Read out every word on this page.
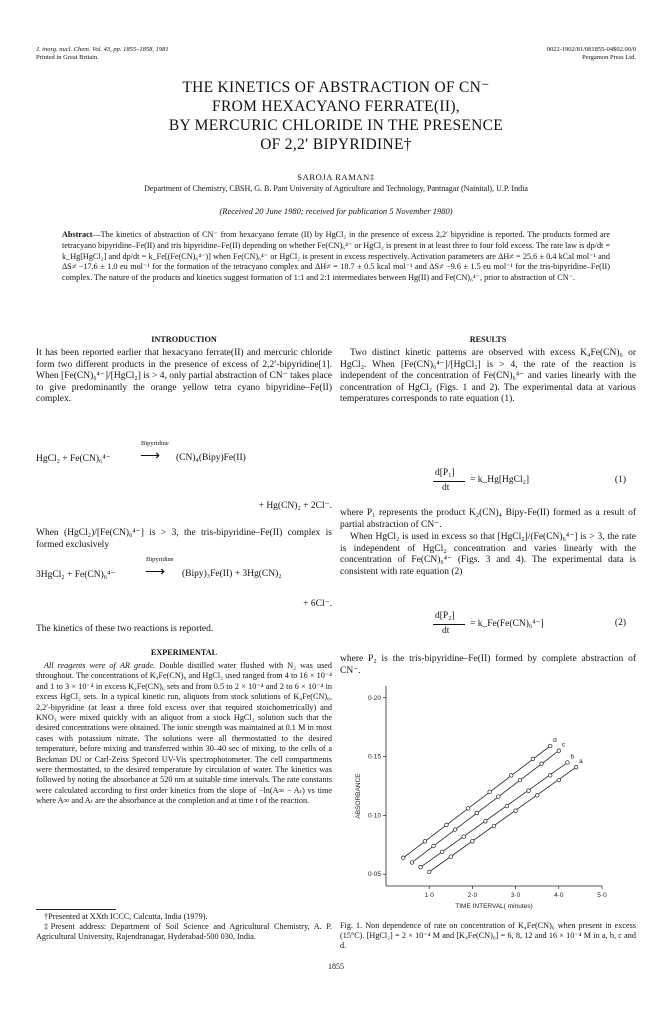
J. inorg. nucl. Chem. Vol. 43, pp. 1855–1858, 1981
Printed in Great Britain.
0022-1902/81/081855-04$02.00/0
Pergamon Press Ltd.
THE KINETICS OF ABSTRACTION OF CN⁻
FROM HEXACYANO FERRATE(II),
BY MERCURIC CHLORIDE IN THE PRESENCE
OF 2,2′ BIPYRIDINE†
SAROJA RAMAN‡
Department of Chemistry, CBSH, G. B. Pant University of Agriculture and Technology, Pantnagar (Nainital), U.P. India
(Received 20 June 1980; received for publication 5 November 1980)
Abstract—The kinetics of abstraction of CN⁻ from hexacyano ferrate (II) by HgCl₂ in the presence of excess 2,2′ bipyridine is reported. The products formed are tetracyano bipyridine–Fe(II) and tris bipyridine–Fe(II) depending on whether Fe(CN)₆⁴⁻ or HgCl₂ is present in at least three to four fold excess. The rate law is dp/dt = k_Hg[HgCl₂] and dp/dt = k_Fe[(Fe(CN)₆⁴⁻)] when Fe(CN)₆⁴⁻ or HgCl₂ is present in excess respectively. Activation parameters are ΔH≠ = 25.6 ± 0.4 kCal mol⁻¹ and ΔS≠ −17.6 ± 1.0 eu mol⁻¹ for the formation of the tetracyano complex and ΔH≠ = 18.7 ± 0.5 kcal mol⁻¹ and ΔS≠ −9.6 ± 1.5 eu mol⁻¹ for the tris-bipyridine–Fe(II) complex. The nature of the products and kinetics suggest formation of 1:1 and 2:1 intermediates between Hg(II) and Fe(CN)₆⁴⁻, prior to abstraction of CN⁻.
INTRODUCTION
It has been reported earlier that hexacyano ferrate(II) and mercuric chloride form two different products in the presence of excess of 2,2′-bipyridine[1]. When [Fe(CN)₆⁴⁻]/[HgCl₂] is > 4, only partial abstraction of CN⁻ takes place to give predominantly the orange yellow tetra cyano bipyridine–Fe(II) complex.
HgCl₂ + Fe(CN)₆⁴⁻
Bipyridine
⟶ (CN)₄(Bipy)Fe(II)
+ Hg(CN)₂ + 2Cl⁻.
When (HgCl₂)/[Fe(CN)₆⁴⁻] is > 3, the tris-bipyridine–Fe(II) complex is formed exclusively
3HgCl₂ + Fe(CN)₆⁴⁻
Bipyridine
⟶ (Bipy)₃Fe(II) + 3Hg(CN)₂
+ 6Cl⁻.
The kinetics of these two reactions is reported.
EXPERIMENTAL
All reagents were of AR grade. Double distilled water flushed with N₂ was used throughout. The concentrations of K₄Fe(CN)₆ and HgCl₂ used ranged from 4 to 16 × 10⁻⁴ and 1 to 3 × 10⁻⁴ in excess K₄Fe(CN)₆ sets and from 0.5 to 2 × 10⁻⁴ and 2 to 6 × 10⁻⁴ in excess HgCl₂ sets. In a typical kinetic run, aliquots from stock solutions of K₄Fe(CN)₆, 2,2′-bipyridine (at least a three fold excess over that required stoichometrically) and KNO₃ were mixed quickly with an aliquot from a stock HgCl₂ solution such that the desired concentrations were obtained. The ionic strength was maintained at 0.1 M in most cases with potassium nitrate. The solutions were all thermostatted to the desired temperature, before mixing and transferred within 30–40 sec of mixing, to the cells of a Beckman DU or Carl-Zeiss Specord UV-Vis spectrophotometer. The cell compartments were thermostatted, to the desired temperature by circulation of water. The kinetics was followed by noting the absorbance at 520 nm at suitable time intervals. The rate constants were calculated according to first order kinetics from the slope of −ln(A∞ − Aₜ) vs time where A∞ and Aₜ are the absorbance at the completion and at time t of the reaction.
†Presented at XXth ICCC, Calcutta, India (1979).
‡Present address: Department of Soil Science and Agricultural Chemistry, A. P. Agricultural University, Rajendranagar, Hyderabad-500 030, India.
RESULTS
Two distinct kinetic patterns are observed with excess K₄Fe(CN)₆ or HgCl₂. When [Fe(CN)₆⁴⁻]/[HgCl₂] is > 4, the rate of the reaction is independent of the concentration of Fe(CN)₆⁴⁻ and varies linearly with the concentration of HgCl₂ (Figs. 1 and 2). The experimental data at various temperatures corresponds to rate equation (1).
d[P₁]
dt
= k_Hg[HgCl₂]	(1)
where P₁ represents the product K₂(CN)₄ Bipy-Fe(II) formed as a result of partial abstraction of CN⁻.
When HgCl₂ is used in excess so that [HgCl₂]/(Fe(CN)₆⁴⁻] is > 3, the rate is independent of HgCl₂ concentration and varies linearly with the concentration of Fe(CN)₆⁴⁻ (Figs. 3 and 4). The experimental data is consistent with rate equation (2)
d[P₂]
dt
= k_Fe(Fe(CN)₆⁴⁻]	(2)
where P₂ is the tris-bipyridine–Fe(II) formed by complete abstraction of CN⁻.
1·0	2·0	3·0	4·0	5·0
0·05
0·10
0·15
0·20
TIME INTERVAL( minutes)
ABSORBANCE
a
b
c
d
Fig. 1. Non dependence of rate on concentration of K₄Fe(CN)₆ when present in excess (15°C). [HgCl₂] = 2 × 10⁻⁴ M and [K₄Fe(CN)₆] = 6, 8, 12 and 16 × 10⁻⁴ M in a, b, c and d.
1855
